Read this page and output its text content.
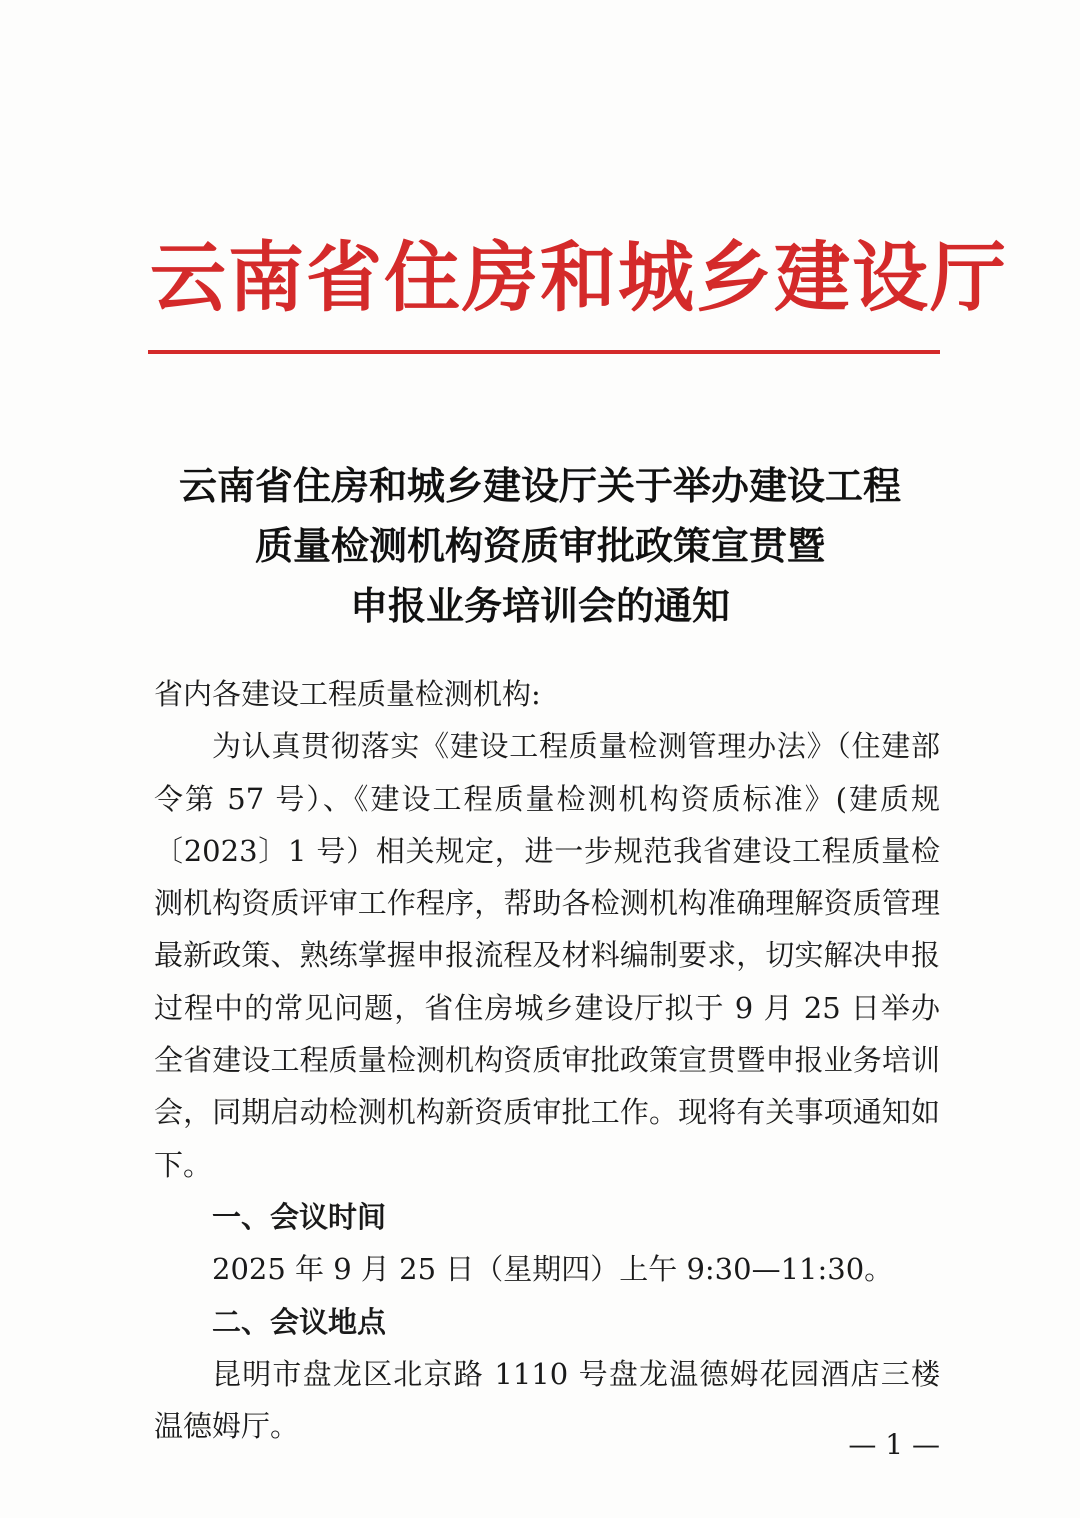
云南省住房和城乡建设厅
云南省住房和城乡建设厅关于举办建设工程
质量检测机构资质审批政策宣贯暨
申报业务培训会的通知

省内各建设工程质量检测机构:

为认真贯彻落实《建设工程质量检测管理办法》（住建部令第 57 号）、《建设工程质量检测机构资质标准》(建质规〔2023〕1 号）相关规定，进一步规范我省建设工程质量检测机构资质评审工作程序，帮助各检测机构准确理解资质管理最新政策、熟练掌握申报流程及材料编制要求，切实解决申报过程中的常见问题，省住房城乡建设厅拟于 9 月 25 日举办全省建设工程质量检测机构资质审批政策宣贯暨申报业务培训会，同期启动检测机构新资质审批工作。现将有关事项通知如下。

一、会议时间

2025 年 9 月 25 日（星期四）上午 9:30—11:30。

二、会议地点

昆明市盘龙区北京路 1110 号盘龙温德姆花园酒店三楼温德姆厅。

— 1 —
